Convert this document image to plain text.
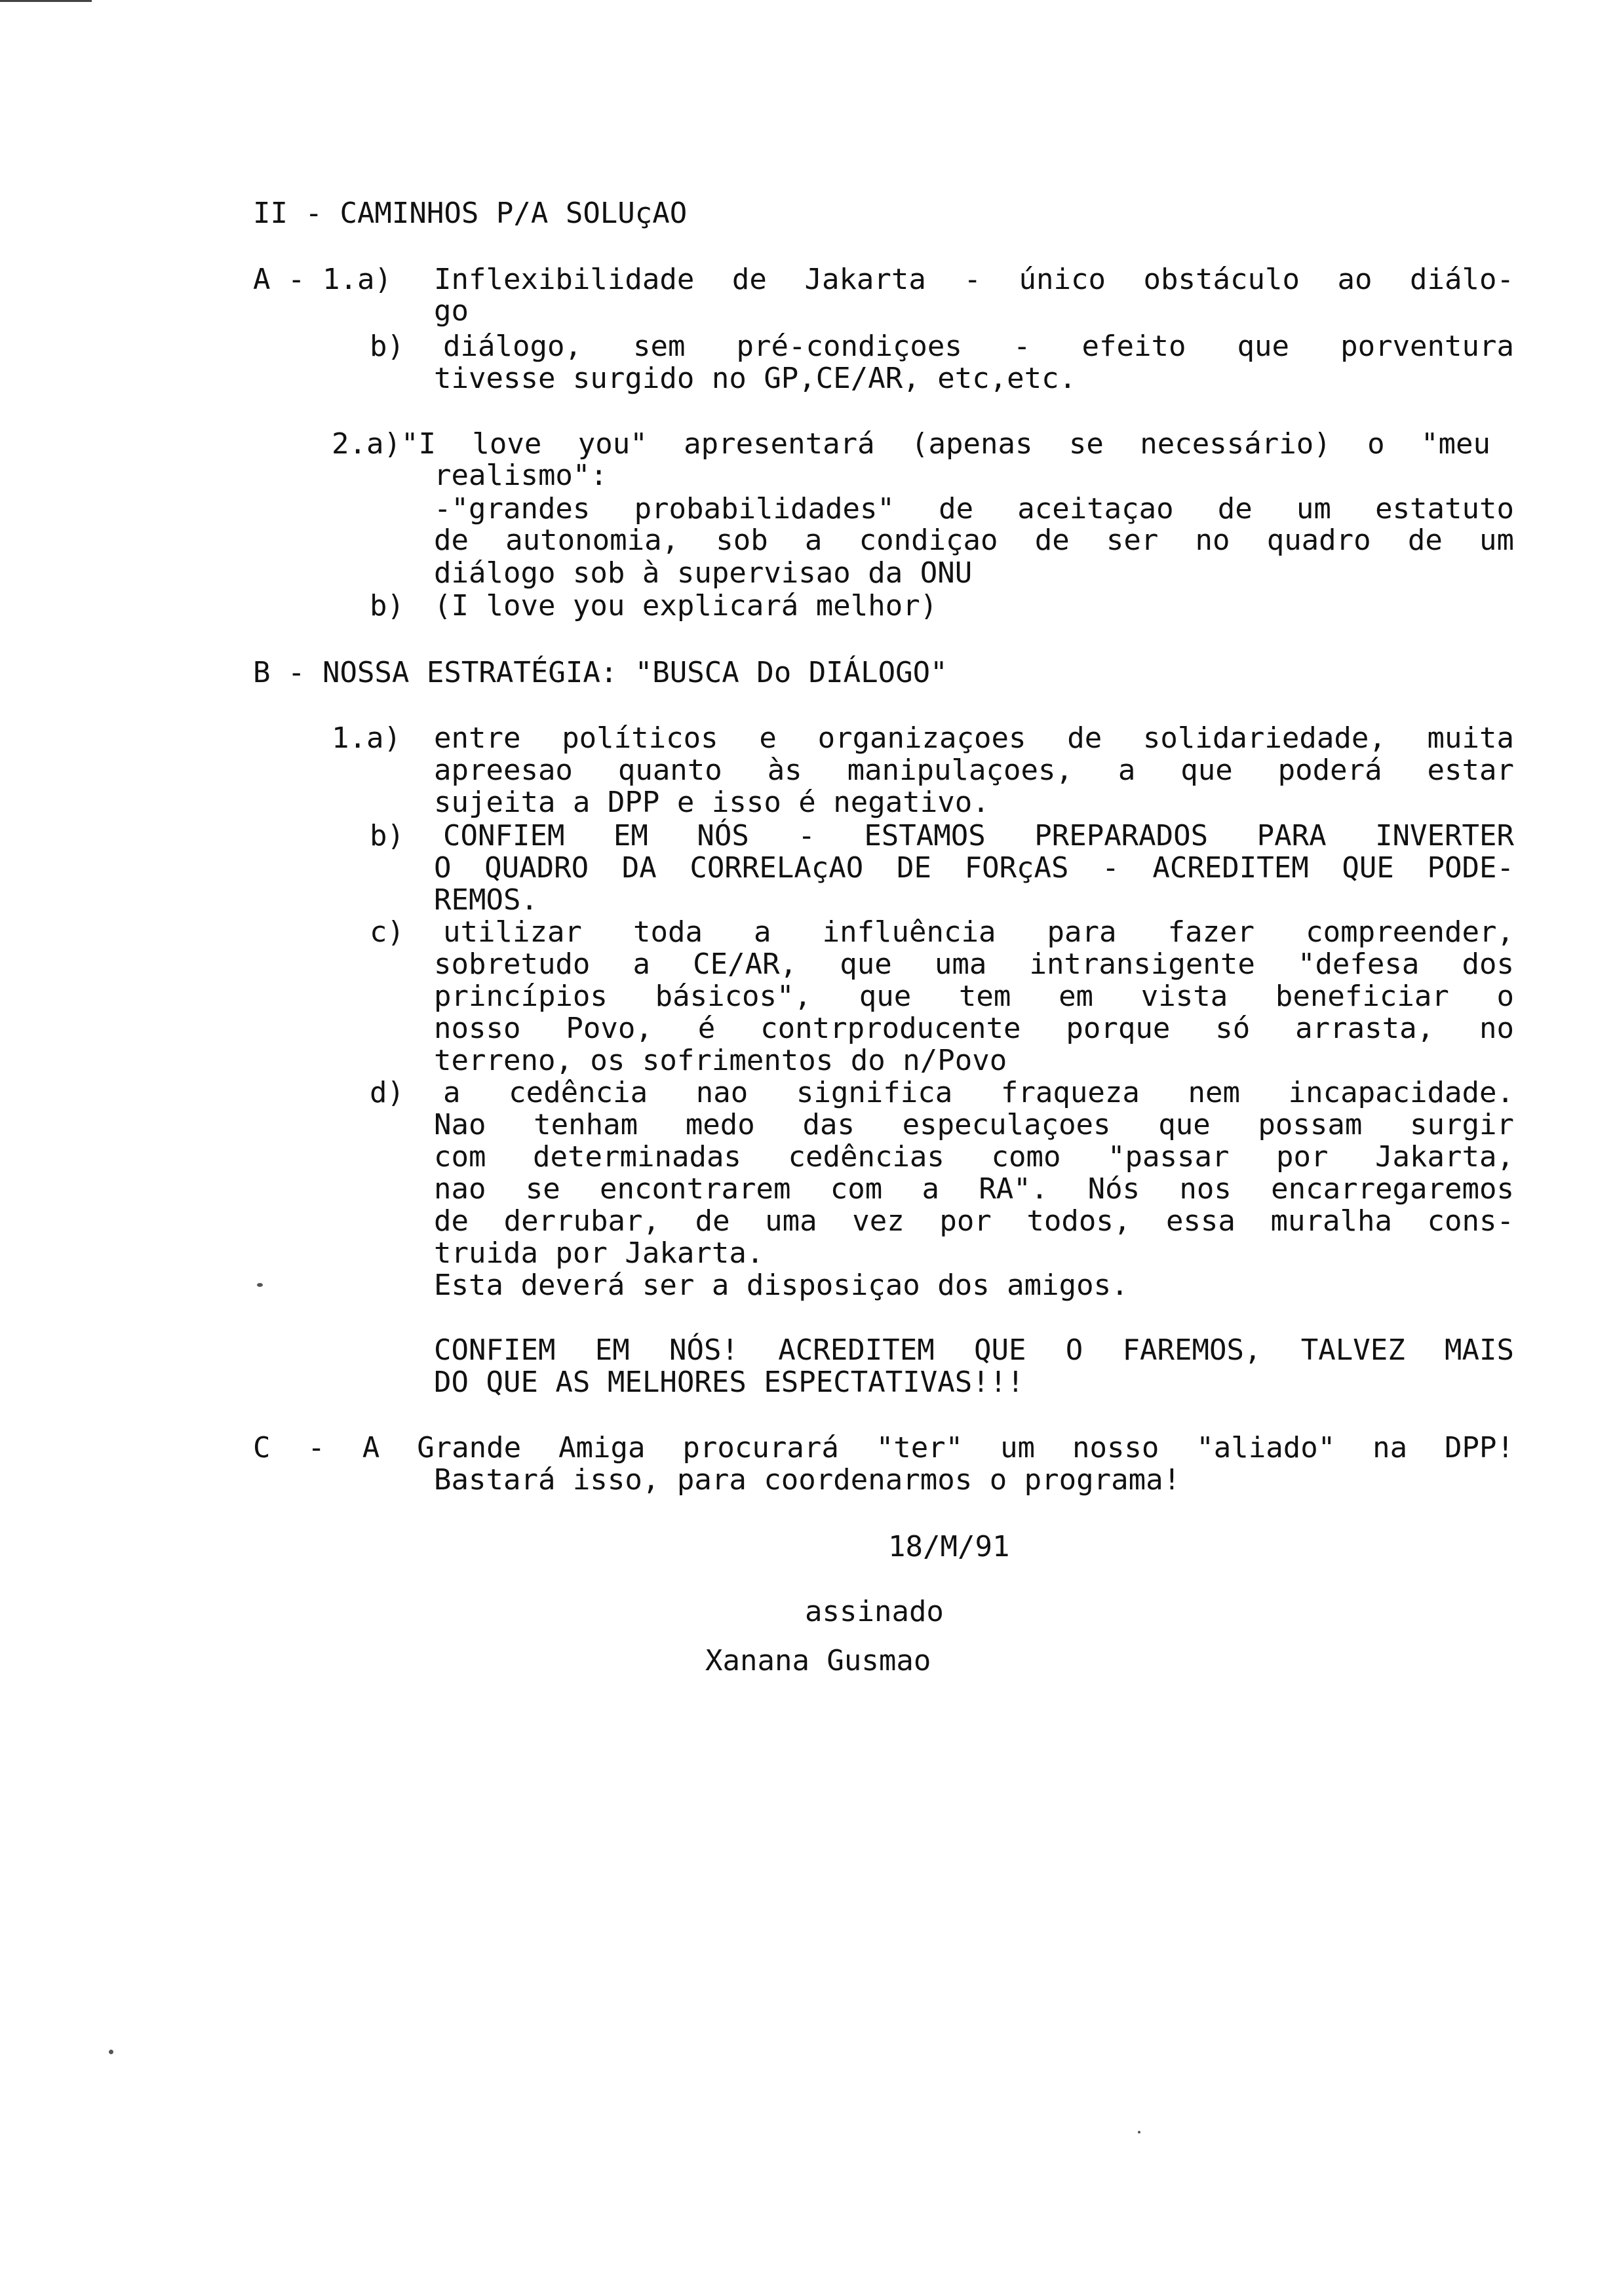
II - CAMINHOS P/A SOLUçAO
A - 1.a) Inflexibilidade de Jakarta - único obstáculo ao diálo-
go
b) diálogo, sem pré-condiçoes - efeito que porventura
tivesse surgido no GP,CE/AR, etc,etc.
2.a)"I love you" apresentará (apenas se necessário) o "meu
realismo":
-"grandes probabilidades" de aceitaçao de um estatuto
de autonomia, sob a condiçao de ser no quadro de um
diálogo sob à supervisao da ONU
b) (I love you explicará melhor)
B - NOSSA ESTRATÉGIA: "BUSCA Do DIÁLOGO"
1.a) entre políticos e organizaçoes de solidariedade, muita
apreesao quanto às manipulaçoes, a que poderá estar
sujeita a DPP e isso é negativo.
b) CONFIEM EM NÓS - ESTAMOS PREPARADOS PARA INVERTER
O QUADRO DA CORRELAçAO DE FORçAS - ACREDITEM QUE PODE-
REMOS.
c) utilizar toda a influência para fazer compreender,
sobretudo a CE/AR, que uma intransigente "defesa dos
princípios básicos", que tem em vista beneficiar o
nosso Povo, é contrproducente porque só arrasta, no
terreno, os sofrimentos do n/Povo
d) a cedência nao significa fraqueza nem incapacidade.
Nao tenham medo das especulaçoes que possam surgir
com determinadas cedências como "passar por Jakarta,
nao se encontrarem com a RA". Nós nos encarregaremos
de derrubar, de uma vez por todos, essa muralha cons-
truida por Jakarta.
Esta deverá ser a disposiçao dos amigos.
CONFIEM EM NÓS! ACREDITEM QUE O FAREMOS, TALVEZ MAIS
DO QUE AS MELHORES ESPECTATIVAS!!!
C - A Grande Amiga procurará "ter" um nosso "aliado" na DPP!
Bastará isso, para coordenarmos o programa!
18/M/91
assinado
Xanana Gusmao
